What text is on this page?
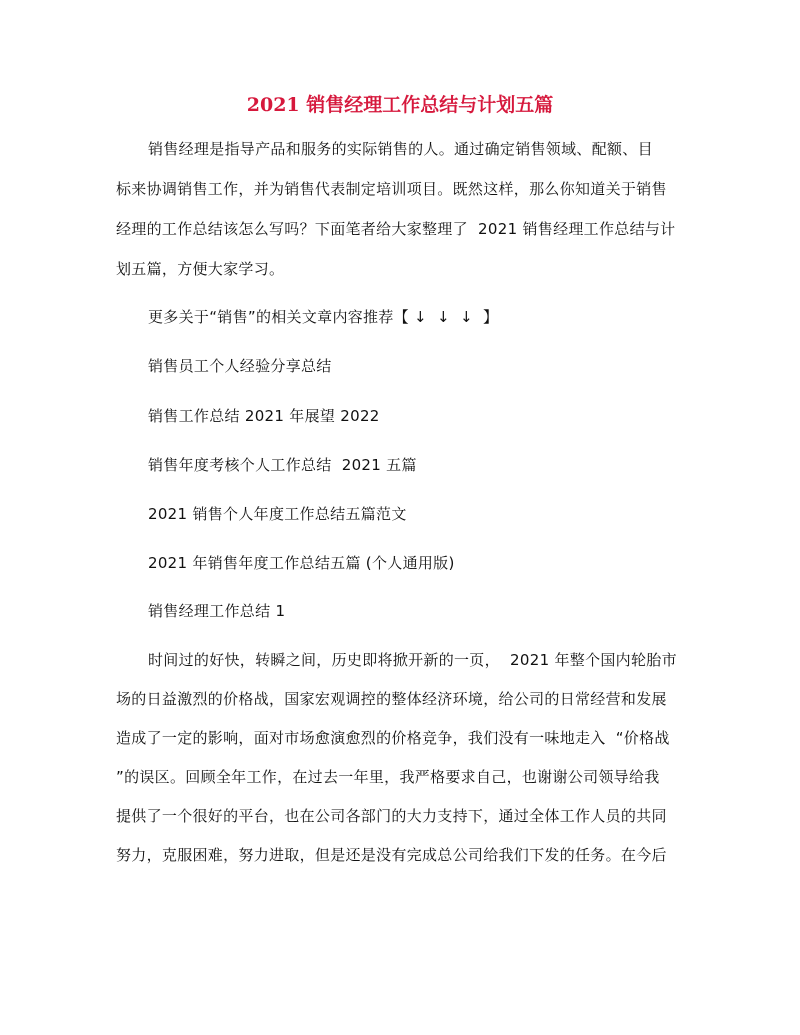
2021 销售经理工作总结与计划五篇
销售经理是指导产品和服务的实际销售的人。通过确定销售领域、配额、目
标来协调销售工作，并为销售代表制定培训项目。既然这样，那么你知道关于销售
经理的工作总结该怎么写吗？下面笔者给大家整理了  2021 销售经理工作总结与计
划五篇，方便大家学习。
更多关于“销售”的相关文章内容推荐【 ↓  ↓  ↓  】
销售员工个人经验分享总结
销售工作总结 2021 年展望 2022
销售年度考核个人工作总结  2021 五篇
2021 销售个人年度工作总结五篇范文
2021 年销售年度工作总结五篇 (个人通用版)
销售经理工作总结 1
时间过的好快，转瞬之间，历史即将掀开新的一页，  2021 年整个国内轮胎市
场的日益激烈的价格战，国家宏观调控的整体经济环境，给公司的日常经营和发展
造成了一定的影响，面对市场愈演愈烈的价格竞争，我们没有一味地走入  “价格战
”的误区。回顾全年工作，在过去一年里，我严格要求自己，也谢谢公司领导给我
提供了一个很好的平台，也在公司各部门的大力支持下，通过全体工作人员的共同
努力，克服困难，努力进取，但是还是没有完成总公司给我们下发的任务。在今后
